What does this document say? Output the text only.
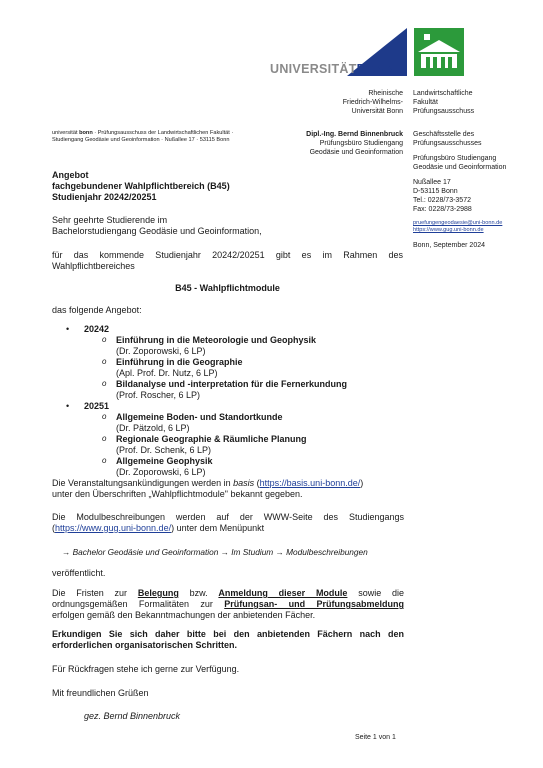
UNIVERSITÄTBONN
Rheinische
Friedrich-Wilhelms-
Universität Bonn
Landwirtschaftliche
Fakultät
Prüfungsausschuss
universität bonn · Prüfungsausschuss der Landwirtschaftlichen Fakultät ·
Studiengang Geodäsie und Geoinformation · Nußallee 17 · 53115 Bonn
Dipl.-Ing. Bernd Binnenbruck
Prüfungsbüro Studiengang
Geodäsie und Geoinformation
Geschäftsstelle des
Prüfungsausschusses
Prüfungsbüro Studiengang
Geodäsie und Geoinformation
Nußallee 17
D-53115 Bonn
Tel.: 0228/73-3572
Fax: 0228/73-2988
pruefungengeodaesie@uni-bonn.de
https://www.gug.uni-bonn.de
Bonn, September 2024
Angebot
fachgebundener Wahlpflichtbereich (B45)
Studienjahr 20242/20251
Sehr geehrte Studierende im
Bachelorstudiengang Geodäsie und Geoinformation,
für das kommende Studienjahr 20242/20251 gibt es im Rahmen des
Wahlpflichtbereiches
B45 - Wahlpflichtmodule
das folgende Angebot:
• 20242
o Einführung in die Meteorologie und Geophysik
(Dr. Zoporowski, 6 LP)
o Einführung in die Geographie
(Apl. Prof. Dr. Nutz, 6 LP)
o Bildanalyse und -interpretation für die Fernerkundung
(Prof. Roscher, 6 LP)
• 20251
o Allgemeine Boden- und Standortkunde
(Dr. Pätzold, 6 LP)
o Regionale Geographie & Räumliche Planung
(Prof. Dr. Schenk, 6 LP)
o Allgemeine Geophysik
(Dr. Zoporowski, 6 LP)
Die Veranstaltungsankündigungen werden in basis (https://basis.uni-bonn.de/)
unter den Überschriften „Wahlpflichtmodule" bekannt gegeben.
Die Modulbeschreibungen werden auf der WWW-Seite des Studiengangs
(https://www.gug.uni-bonn.de/) unter dem Menüpunkt
→ Bachelor Geodäsie und Geoinformation → Im Studium → Modulbeschreibungen
veröffentlicht.
Die Fristen zur Belegung bzw. Anmeldung dieser Module sowie die
ordnungsgemäßen Formalitäten zur Prüfungsan- und Prüfungsabmeldung
erfolgen gemäß den Bekanntmachungen der anbietenden Fächer.
Erkundigen Sie sich daher bitte bei den anbietenden Fächern nach den
erforderlichen organisatorischen Schritten.
Für Rückfragen stehe ich gerne zur Verfügung.
Mit freundlichen Grüßen
gez. Bernd Binnenbruck
Seite 1 von 1
